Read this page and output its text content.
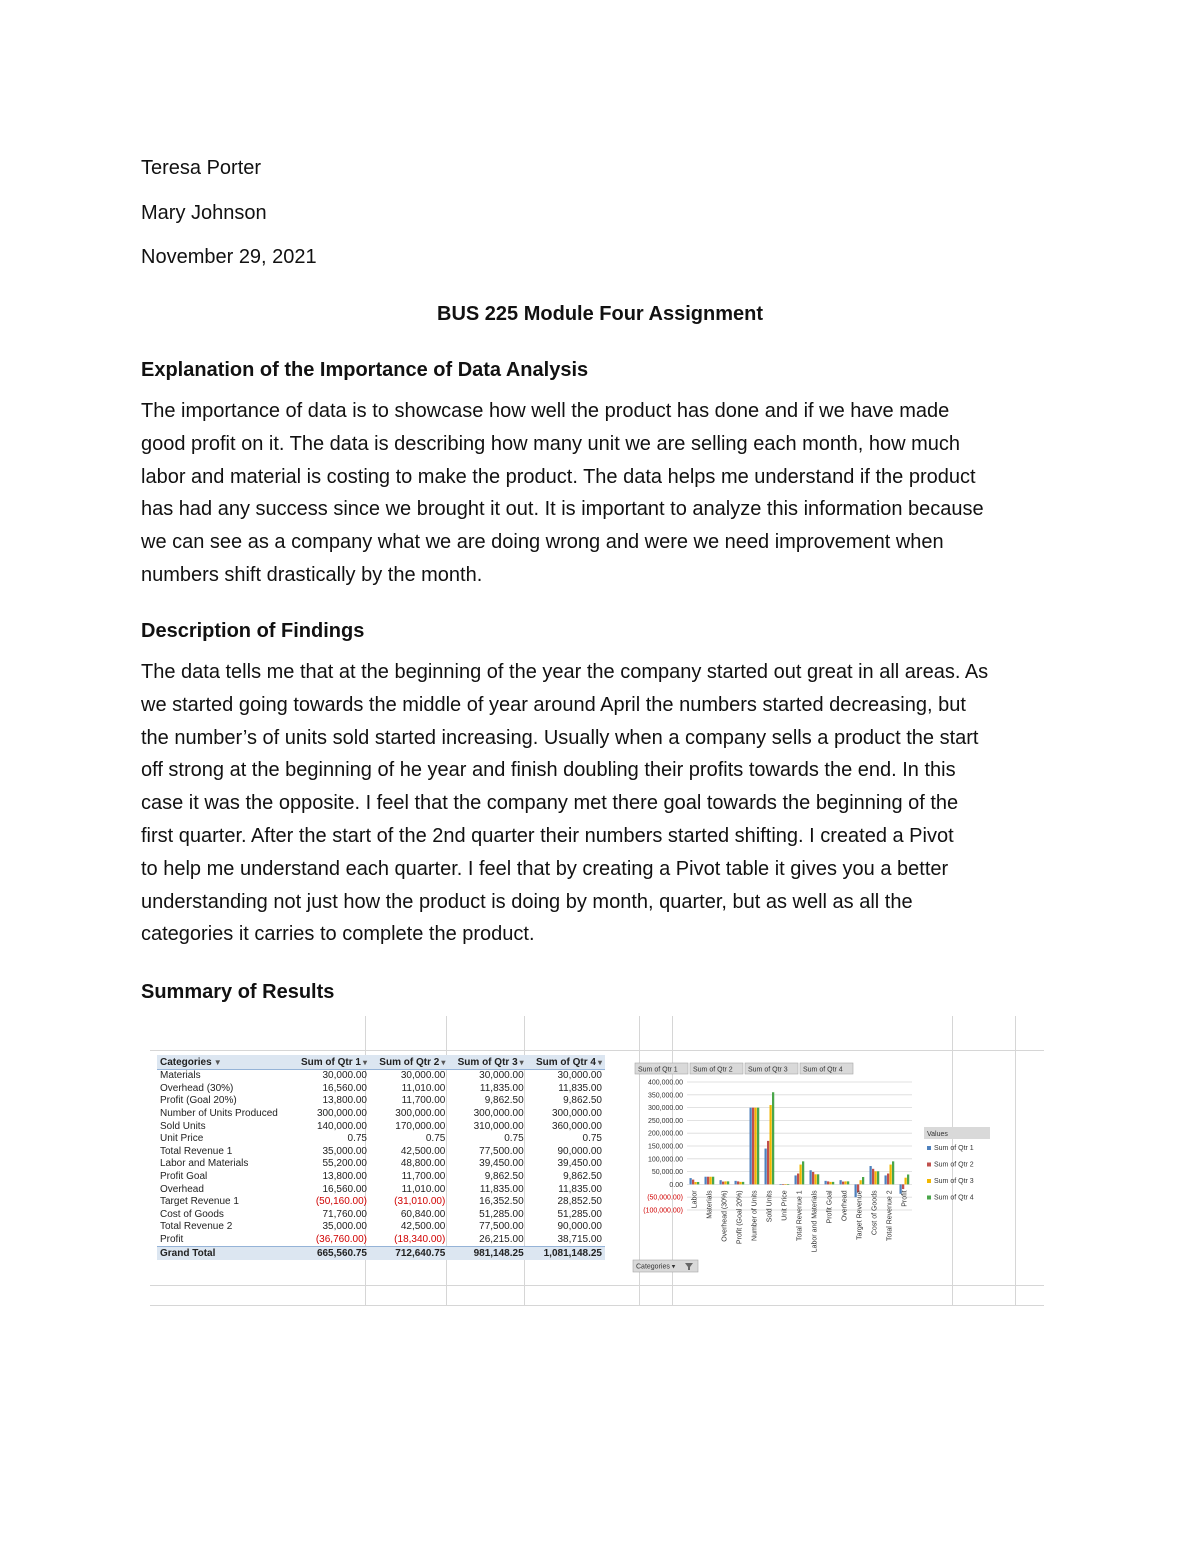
Teresa Porter
Mary Johnson
November 29, 2021
BUS 225 Module Four Assignment
Explanation of the Importance of Data Analysis
The importance of data is to showcase how well the product has done and if we have made
good profit on it. The data is describing how many unit we are selling each month, how much
labor and material is costing to make the product. The data helps me understand if the product
has had any success since we brought it out. It is important to analyze this information because
we can see as a company what we are doing wrong and were we need improvement when
numbers shift drastically by the month.
Description of Findings
The data tells me that at the beginning of the year the company started out great in all areas. As
we started going towards the middle of year around April the numbers started decreasing, but
the number’s of units sold started increasing. Usually when a company sells a product the start
off strong at the beginning of he year and finish doubling their profits towards the end. In this
case it was the opposite. I feel that the company met there goal towards the beginning of the
first quarter. After the start of the 2nd quarter their numbers started shifting. I created a Pivot
to help me understand each quarter. I feel that by creating a Pivot table it gives you a better
understanding not just how the product is doing by month, quarter, but as well as all the
categories it carries to complete the product.
Summary of Results
Categories ▼	Sum of Qtr 1 ▾	Sum of Qtr 2 ▾	Sum of Qtr 3 ▾	Sum of Qtr 4 ▾
Materials	30,000.00	30,000.00	30,000.00	30,000.00
Overhead (30%)	16,560.00	11,010.00	11,835.00	11,835.00
Profit (Goal 20%)	13,800.00	11,700.00	9,862.50	9,862.50
Number of Units Produced	300,000.00	300,000.00	300,000.00	300,000.00
Sold Units	140,000.00	170,000.00	310,000.00	360,000.00
Unit Price	0.75	0.75	0.75	0.75
Total Revenue 1	35,000.00	42,500.00	77,500.00	90,000.00
Labor and Materials	55,200.00	48,800.00	39,450.00	39,450.00
Profit Goal	13,800.00	11,700.00	9,862.50	9,862.50
Overhead	16,560.00	11,010.00	11,835.00	11,835.00
Target Revenue 1	(50,160.00)	(31,010.00)	16,352.50	28,852.50
Cost of Goods	71,760.00	60,840.00	51,285.00	51,285.00
Total Revenue 2	35,000.00	42,500.00	77,500.00	90,000.00
Profit	(36,760.00)	(18,340.00)	26,215.00	38,715.00
Grand Total	665,560.75	712,640.75	981,148.25	1,081,148.25
Sum of Qtr 1 Sum of Qtr 2 Sum of Qtr 3 Sum of Qtr 4
400,000.00
350,000.00
300,000.00
250,000.00
200,000.00
150,000.00
100,000.00
50,000.00
0.00
(50,000.00)
(100,000.00)
Labor Materials Overhead (30%) Profit (Goal 20%) Number of Units Sold Units Unit Price Total Revenue 1 Labor and Materials Profit Goal Overhead Target Revenue Cost of Goods Total Revenue 2 Profit
Values
Sum of Qtr 1
Sum of Qtr 2
Sum of Qtr 3
Sum of Qtr 4
Categories ▾
